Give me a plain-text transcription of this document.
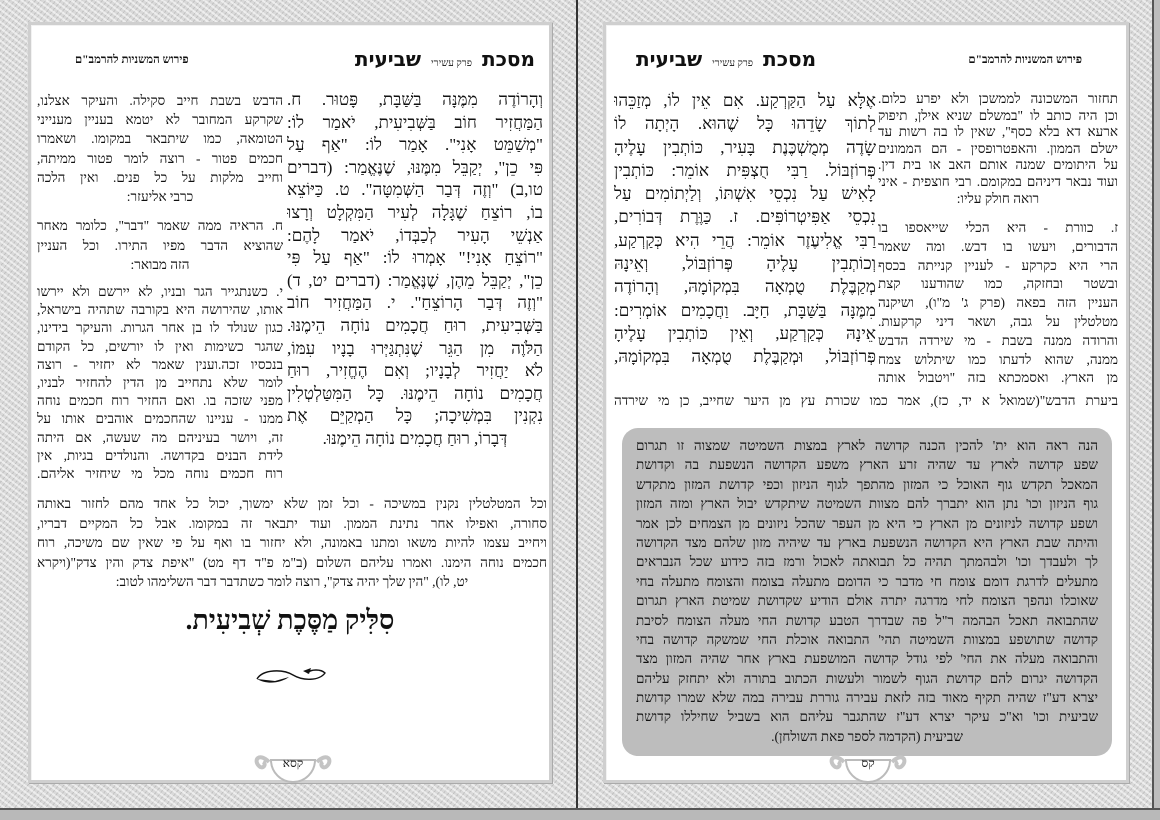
מסכתפרק עשירישביעית
פירוש המשניות להרמב"ם
וְהָרוֹדֶה מִמֶּנָּה בַּשַּׁבָּת, פָּטוּר. ח.
הַמַּחֲזִיר חוֹב בַּשְּׁבִיעִית, יֹאמַר לוֹ:
"מְשַׁמֵּט אָנִי". אָמַר לוֹ: "אַף עַל
פִּי כֵן", יְקַבֵּל מִמֶּנּוּ, שֶׁנֶּאֱמַר: (דברים
טו,ב) "וְזֶה דְּבַר הַשְּׁמִטָּה". ט. כַּיּוֹצֵא
בוֹ, רוֹצֵחַ שֶׁגָּלָה לְעִיר הַמִּקְלָט וְרָצוּ
אַנְשֵׁי הָעִיר לְכַבְּדוֹ, יֹאמַר לָהֶם:
"רוֹצֵחַ אָנִי!" אָמְרוּ לוֹ: "אַף עַל פִּי
כֵן", יְקַבֵּל מֵהֶן, שֶׁנֶּאֱמַר: (דברים יט, ד)
"וְזֶה דְּבַר הָרוֹצֵחַ". י. הַמַּחֲזִיר חוֹב
בַּשְּׁבִיעִית, רוּחַ חֲכָמִים נוֹחָה הֵימֶנּוּ.
הַלֹּוֶה מִן הַגֵּר שֶׁנִּתְגַּיְּרוּ בָנָיו עִמּוֹ,
לֹא יַחֲזִיר לְבָנָיו; וְאִם הֶחֱזִיר, רוּחַ
חֲכָמִים נוֹחָה הֵימֶנּוּ. כָּל הַמִּטַּלְטְלִין
נִקְנִין בִּמְשִׁיכָה; כָּל הַמְקַיֵּם אֶת
דְּבָרוֹ, רוּחַ חֲכָמִים נוֹחָה הֵימֶנּוּ.
הדבש בשבת חייב סקילה. והעיקר אצלנו,
שקרקע המחובר לא יטמא בעניין מענייני
הטומאה, כמו שיתבאר במקומו. ושאמרו
חכמים פטור - רוצה לומר פטור ממיתה,
וחייב מלקות על כל פנים. ואין הלכה
כרבי אליעזר:
ח. הראיה ממה שאמר "דבר", כלומר מאחר
שהוציא הדבר מפיו התירו. וכל העניין
הזה מבואר:
י. כשנתגייר הגר ובניו, לא יירשם ולא יירשו
אותו, שהירושה היא בקורבה שתהיה בישראל,
כגון שנולד לו בן אחר הגרות. והעיקר בידינו,
שהגר כשימות ואין לו יורשים, כל הקודם
בנכסיו זכה.וענין שאמר לא יחזיר - רוצה
לומר שלא נתחייב מן הדין להחזיר לבניו,
מפני שזכה בו. ואם החזיר רוח חכמים נוחה
ממנו - עניינו שהחכמים אוהבים אותו על
זה, ויושר בעיניהם מה שעשה, אם היתה
לידת הבנים בקדושה. והנולדים בגיות, אין
רוח חכמים נוחה מכל מי שיחזיר אליהם.
וכל המטלטלין נקנין במשיכה - וכל זמן שלא ימשוך, יכול כל אחד מהם לחזור באותה
סחורה, ואפילו אחר נתינת הממון. ועוד יתבאר זה במקומו. אבל כל המקיים דבריו,
ויחייב עצמו להיות משאו ומתנו באמונה, ולא יחזור בו ואף על פי שאין שם משיכה, רוח
חכמים נוחה הימנו. ואמרו עליהם השלום (ב"מ פ"ד דף מט) "איפת צדק והין צדק"(ויקרא
יט, לו), "הין שלך יהיה צדק", רוצה לומר כשתדבר דבר השלימהו לטוב:
סִלִּיק מַסֶּכֶת שְׁבִיעִית.
קסא
מסכתפרק עשירישביעית	פירוש המשניות להרמב"ם
אֶלָּא עַל הַקַּרְקַע. אִם אֵין לוֹ, מְזַכֵּהוּ
לְתוֹךְ שָׂדֵהוּ כָּל שֶׁהוּא. הָיְתָה לוֹ
שָׂדֶה מְמֻשְׁכֶּנֶת בָּעִיר, כּוֹתְבִין עָלֶיהָ
פְּרוֹזְבּוֹל. רַבִּי חֻצְפִּית אוֹמֵר: כּוֹתְבִין
לָאִישׁ עַל נִכְסֵי אִשְׁתּוֹ, וְלַיְתוֹמִים עַל
נִכְסֵי אַפִּיטְרוֹפִּים. ז. כַּוֶּרֶת דְּבוֹרִים,
רַבִּי אֱלִיעֶזֶר אוֹמֵר: הֲרֵי הִיא כְּקַרְקַע,
וְכוֹתְבִין עָלֶיהָ פְּרוֹזְבּוֹל, וְאֵינָהּ
מְקַבֶּלֶת טֻמְאָה בִּמְקוֹמָהּ, וְהָרוֹדֶה
מִמֶּנָּה בַּשַּׁבָּת, חַיָּב. וַחֲכָמִים אוֹמְרִים:
אֵינָהּ כְּקַרְקַע, וְאֵין כּוֹתְבִין עָלֶיהָ
פְּרוֹזְבּוֹל, וּמְקַבֶּלֶת טֻמְאָה בִּמְקוֹמָהּ,
תחזור המשכונה לממשכן ולא יפרע כלום.
וכן היה כותב לו "במשלם שניא אילן, תיפוק
ארעא דא בלא כסף", שאין לו בה רשות עד
ישלם הממון. והאפטרופסין - הם הממונים
על היתומים שמנה אותם האב או בית דין.
ועוד נבאר דיניהם במקומם. רבי חוצפית - איני
רואה חולק עליו:
ז. כוורת - היא הכלי שייאספו בו
הדבורים, ויעשו בו דבש. ומה שאמר
הרי היא כקרקע - לעניין קנייתה בכסף
ובשטר ובחזקה, כמו שהודענו קצת
העניין הזה בפאה (פרק ג' מ"ו), ושיקנה
מטלטלין על גבה, ושאר דיני קרקעות.
והרודה ממנה בשבת - מי שירדה הדבש
ממנה, שהוא לדעתו כמו שיתלוש צמח
מן הארץ. ואסמכתא בזה "ויטבול אותה
ביערת הדבש"(שמואל א יד, כז), אמר כמו שכורת עץ מן היער שחייב, כן מי שירדה
הנה ראה הוא ית' להכין הכנה קדושה לארץ במצות השמיטה שמצוה זו תגרום
שפע קדושה לארץ עד שהיה זרע הארץ משפע הקדושה הנשפעת בה וקדושת
המאכל תקדש גוף האוכל כי המזון מהתפך לגוף הניזון וכפי קדושת המזון מתקדש
גוף הניזון וכו' נתן הוא יתברך להם מצוות השמיטה שיתקדש יבול הארץ ומזה המזון
ושפע קדושה לניזונים מן הארץ כי היא מן העפר שהכל ניזונים מן הצמחים לכן אמר
והיתה שבת הארץ היא הקדושה הנשפעת בארץ עד שיהיה מזון שלהם מצד הקדושה
לך ולעבדך וכו' ולבהמתך תהיה כל תבואתה לאכול ורמז בזה כידוע שכל הנבראים
מתעלים לדרגת דומם צומח חי מדבר כי הדומם מתעלה בצומח והצומח מתעלה בחי
שאוכלו ונהפך הצומח לחי מדרגה יתרה אולם הודיע שקדושת שמיטת הארץ תגרום
שהתבואה תאכל הבהמה ר"ל פה שבדרך הטבע קדושת החי מעלה הצומח לסיבת
קדושה שתושפע במצוות השמיטה תהי' התבואה אוכלת החי שמשקה קדושה בחי
והתבואה מעלה את החי' לפי גודל קדושה המושפעת בארץ אחר שהיה המזון מצד
הקדושה יגרום להם קדושת הגוף לשמור ולעשות הכתוב בתורה ולא יתחזק עליהם
יצרא דע"ז שהיה תקיף מאוד בזה לזאת עבירה גוררת עבירה במה שלא שמרו קדושת
שביעית וכו' וא"כ עיקר יצרא דע"ז שהתגבר עליהם הוא בשביל שחיללו קדושת
שביעית (הקדמה לספר פאת השולחן).
קס
